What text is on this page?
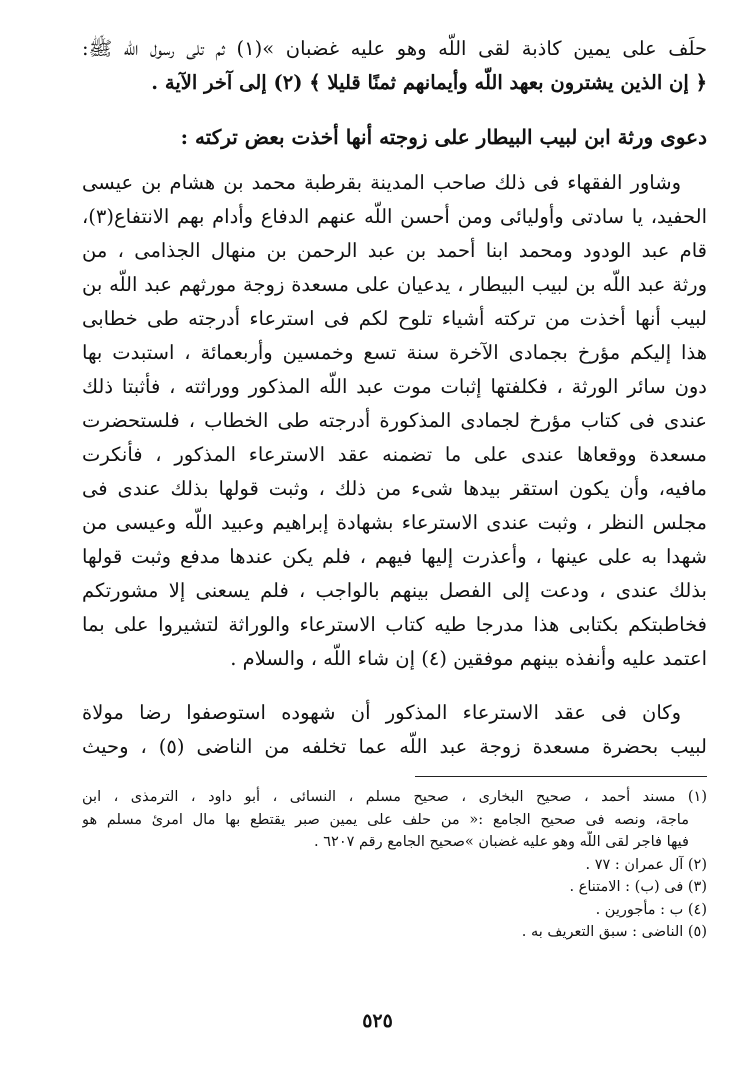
حلَف على يمين كاذبة لقى اللّه وهو عليه غضبان »(١) ثم تلى رسول اللّه ﷺ:
﴿ إن الذين يشترون بعهد اللّه وأيمانهم ثمنًا قليلا ﴾ (٢) إلى آخر الآية .
دعوى ورثة ابن لبيب البيطار على زوجته أنها أخذت بعض تركته :
وشاور الفقهاء فى ذلك صاحب المدينة بقرطبة محمد بن هشام بن عيسى
الحفيد، يا سادتى وأوليائى ومن أحسن اللّه عنهم الدفاع وأدام بهم الانتفاع(٣)،
قام عبد الودود ومحمد ابنا أحمد بن عبد الرحمن بن منهال الجذامى ، من
ورثة عبد اللّه بن لبيب البيطار ، يدعيان على مسعدة زوجة مورثهم عبد اللّه بن
لبيب أنها أخذت من تركته أشياء تلوح لكم فى استرعاء أدرجته طى خطابى
هذا إليكم مؤرخ بجمادى الآخرة سنة تسع وخمسين وأربعمائة ، استبدت بها
دون سائر الورثة ، فكلفتها إثبات موت عبد اللّه المذكور ووراثته ، فأثبتا ذلك
عندى فى كتاب مؤرخ لجمادى المذكورة أدرجته طى الخطاب ، فلستحضرت
مسعدة ووقعاها عندى على ما تضمنه عقد الاسترعاء المذكور ، فأنكرت
مافيه، وأن يكون استقر بيدها شىء من ذلك ، وثبت قولها بذلك عندى فى
مجلس النظر ، وثبت عندى الاسترعاء بشهادة إبراهيم وعبيد اللّه وعيسى من
شهدا به على عينها ، وأعذرت إليها فيهم ، فلم يكن عندها مدفع وثبت قولها
بذلك عندى ، ودعت إلى الفصل بينهم بالواجب ، فلم يسعنى إلا مشورتكم
فخاطبتكم بكتابى هذا مدرجا طيه كتاب الاسترعاء والوراثة لتشيروا على بما
اعتمد عليه وأنفذه بينهم موفقين (٤) إن شاء اللّه ، والسلام .
وكان فى عقد الاسترعاء المذكور أن شهوده استوصفوا رضا مولاة
لبيب بحضرة مسعدة زوجة عبد اللّه عما تخلفه من الناضى (٥) ، وحيث
(١) مسند أحمد ، صحيح البخارى ، صحيح مسلم ، النسائى ، أبو داود ، الترمذى ، ابن
ماجة، ونصه فى صحيح الجامع :« من حلف على يمين صبر يقتطع بها مال امرئ مسلم هو
فيها فاجر لقى اللّه وهو عليه غضبان »صحيح الجامع رقم ٦٢٠٧ .
(٢) آل عمران : ٧٧ .
(٣) فى (ب) : الامتناع .
(٤) ب : مأجورين .
(٥) الناضى : سبق التعريف به .
٥٢٥
